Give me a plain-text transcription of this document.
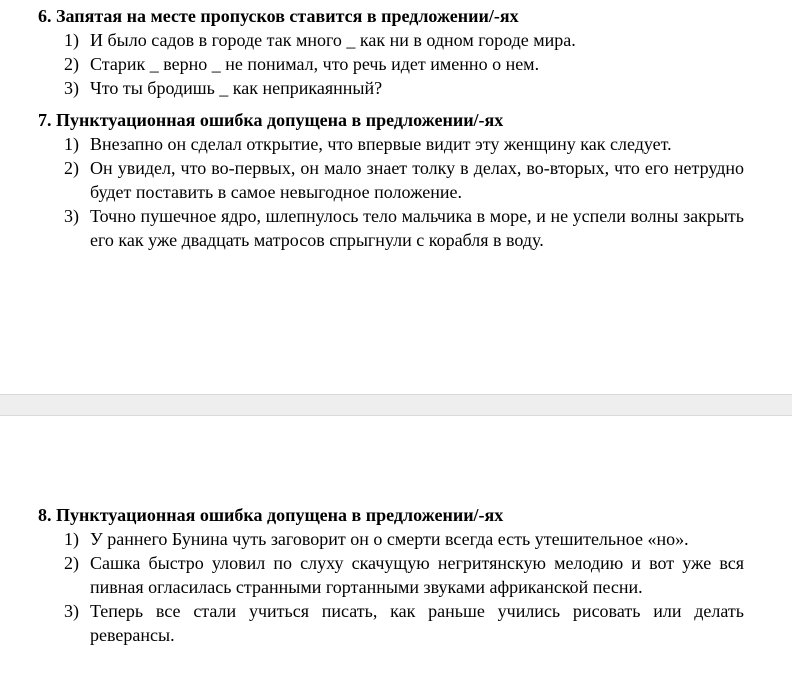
6. Запятая на месте пропусков ставится в предложении/-ях

1) И было садов в городе так много _ как ни в одном городе мира.
2) Старик _ верно _ не понимал, что речь идет именно о нем.
3) Что ты бродишь _ как неприкаянный?

7. Пунктуационная ошибка допущена в предложении/-ях

1) Внезапно он сделал открытие, что впервые видит эту женщину как следует.
2) Он увидел, что во-первых, он мало знает толку в делах, во-вторых, что его нетрудно будет поставить в самое невыгодное положение.
3) Точно пушечное ядро, шлепнулось тело мальчика в море, и не успели волны закрыть его как уже двадцать матросов спрыгнули с корабля в воду.

8. Пунктуационная ошибка допущена в предложении/-ях

1) У раннего Бунина чуть заговорит он о смерти всегда есть утешительное «но».
2) Сашка быстро уловил по слуху скачущую негритянскую мелодию и вот уже вся пивная огласилась странными гортанными звуками африканской песни.
3) Теперь все стали учиться писать, как раньше учились рисовать или делать реверансы.
